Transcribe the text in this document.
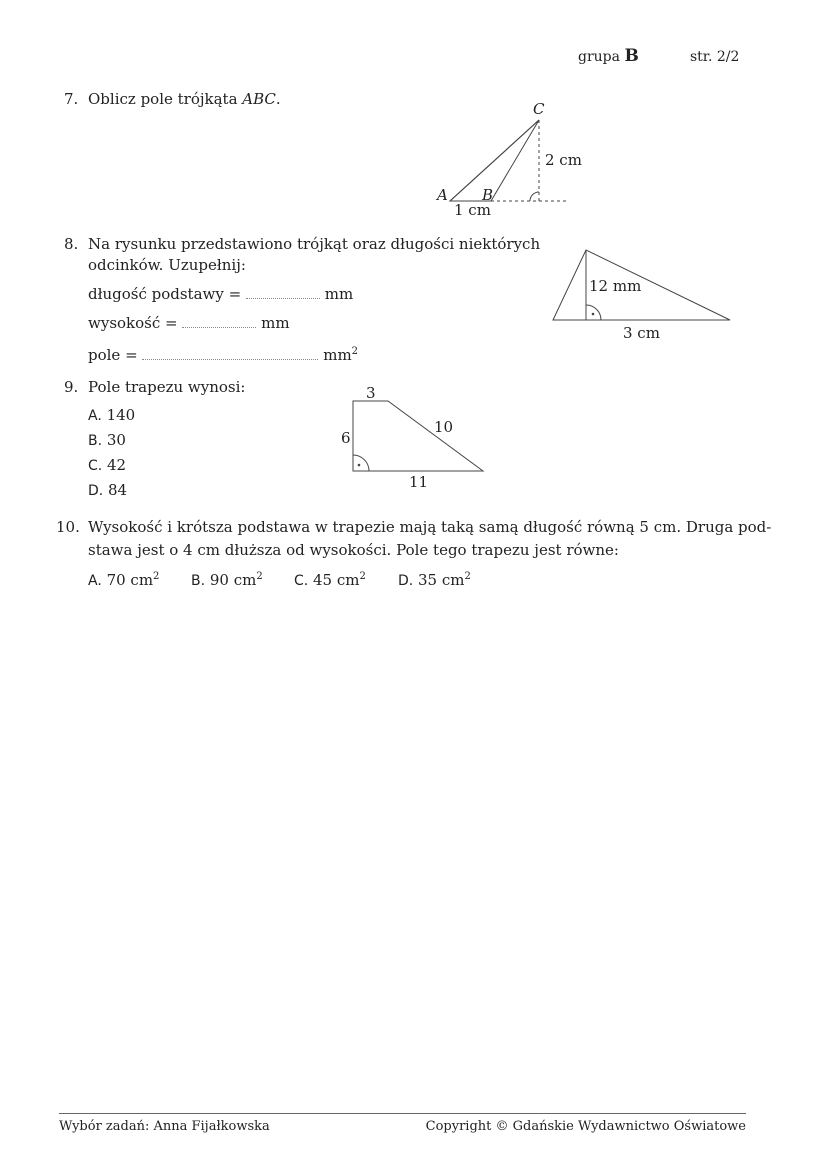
grupa B	str. 2/2
7. Oblicz pole trójkąta ABC.
8. Na rysunku przedstawiono trójkąt oraz długości niektórych
odcinków. Uzupełnij:
długość podstawy =	mm
wysokość =	mm
pole =	$mm^2$
9. Pole trapezu wynosi:
A. 140
B. 30
C. 42
D. 84
10. Wysokość i krótsza podstawa w trapezie mają taką samą długość równą 5 cm. Druga pod-
stawa jest o 4 cm dłuższa od wysokości. Pole tego trapezu jest równe:
A. 70 $cm^2$ B. 90 $cm^2$ C. 45 $cm^2$ D. 35 $cm^2$
C
A B
2 cm
1 cm
12 mm
3 cm
3
6
10
11
Wybór zadań: Anna Fijałkowska	Copyright © Gdańskie Wydawnictwo Oświatowe
